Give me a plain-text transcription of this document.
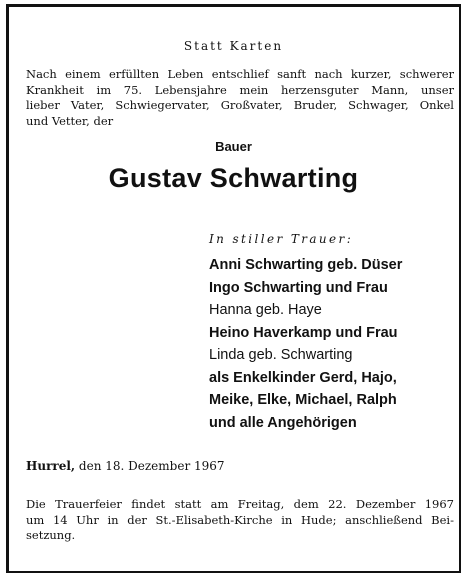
Statt Karten
Nach einem erfüllten Leben entschlief sanft nach kurzer, schwerer
Krankheit im 75. Lebensjahre mein herzensguter Mann, unser
lieber Vater, Schwiegervater, Großvater, Bruder, Schwager, Onkel
und Vetter, der
Bauer
Gustav Schwarting
In stiller Trauer:
Anni Schwarting geb. Düser
Ingo Schwarting und Frau
Hanna geb. Haye
Heino Haverkamp und Frau
Linda geb. Schwarting
als Enkelkinder Gerd, Hajo,
Meike, Elke, Michael, Ralph
und alle Angehörigen
Hurrel, den 18. Dezember 1967
Die Trauerfeier findet statt am Freitag, dem 22. Dezember 1967
um 14 Uhr in der St.-Elisabeth-Kirche in Hude; anschließend Bei-
setzung.
